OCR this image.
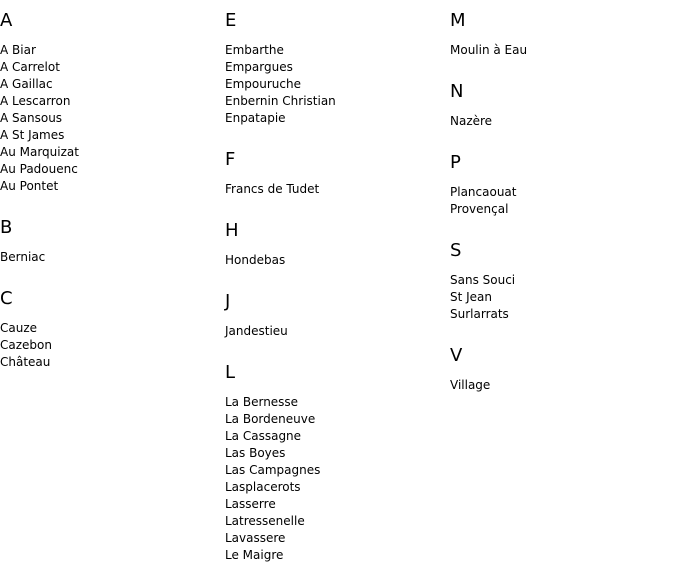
A
A Biar
A Carrelot
A Gaillac
A Lescarron
A Sansous
A St James
Au Marquizat
Au Padouenc
Au Pontet
B
Berniac
C
Cauze
Cazebon
Château
E
Embarthe
Empargues
Empouruche
Enbernin Christian
Enpatapie
F
Francs de Tudet
H
Hondebas
J
Jandestieu
L
La Bernesse
La Bordeneuve
La Cassagne
Las Boyes
Las Campagnes
Lasplacerots
Lasserre
Latressenelle
Lavassere
Le Maigre
M
Moulin à Eau
N
Nazère
P
Plancaouat
Provençal
S
Sans Souci
St Jean
Surlarrats
V
Village
